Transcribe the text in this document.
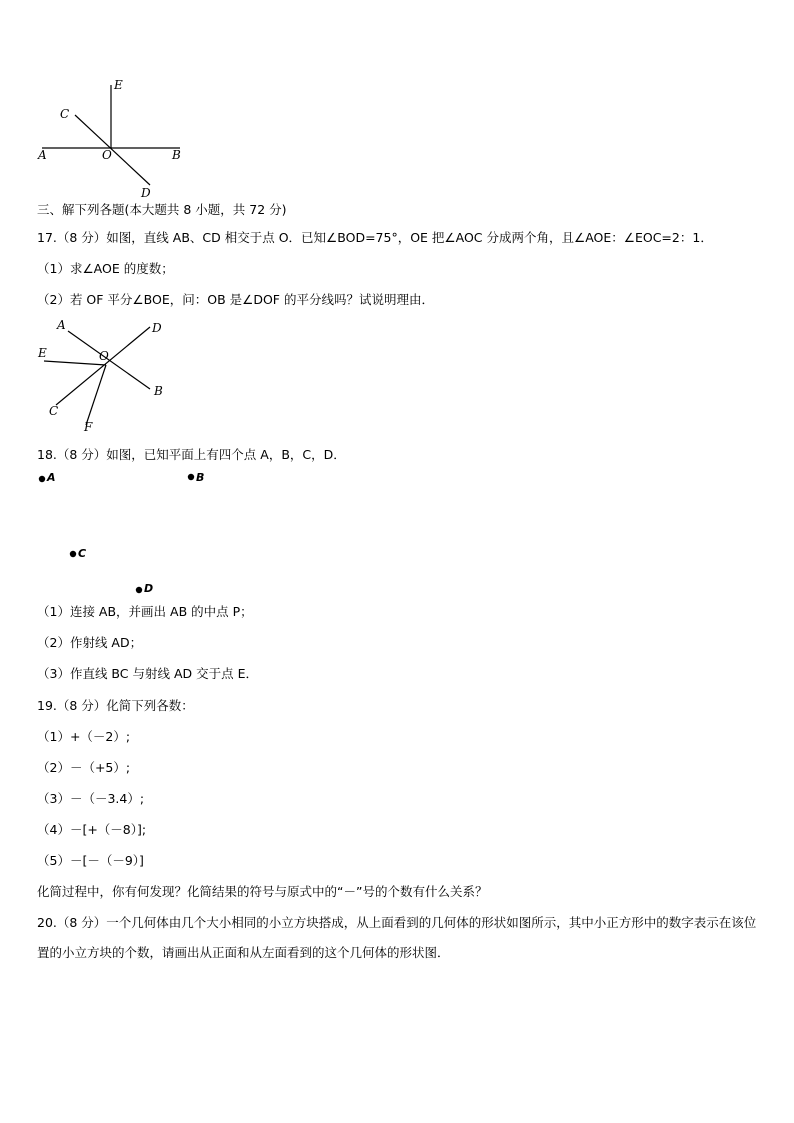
A	B
C
D
E
O
三、解下列各题(本大题共 8 小题，共 72 分)
17.（8 分）如图，直线 AB、CD 相交于点 O．已知∠BOD=75°，OE 把∠AOC 分成两个角，且∠AOE：∠EOC=2：1．
（1）求∠AOE 的度数；
（2）若 OF 平分∠BOE，问：OB 是∠DOF 的平分线吗？试说明理由．
A
B
C
D
E
F
O
18.（8 分）如图，已知平面上有四个点 A，B，C，D．
A	B
C
D
（1）连接 AB，并画出 AB 的中点 P；
（2）作射线 AD；
（3）作直线 BC 与射线 AD 交于点 E．
19.（8 分）化简下列各数：
（1）+（－2）;
（2）－（+5）;
（3）－（－3.4）;
（4）－[+（－8）];
（5）－[－（－9）]
化简过程中，你有何发现？化简结果的符号与原式中的“－”号的个数有什么关系？
20.（8 分）一个几何体由几个大小相同的小立方块搭成，从上面看到的几何体的形状如图所示，其中小正方形中的数字表示在该位置的小立方块的个数，请画出从正面和从左面看到的这个几何体的形状图．
